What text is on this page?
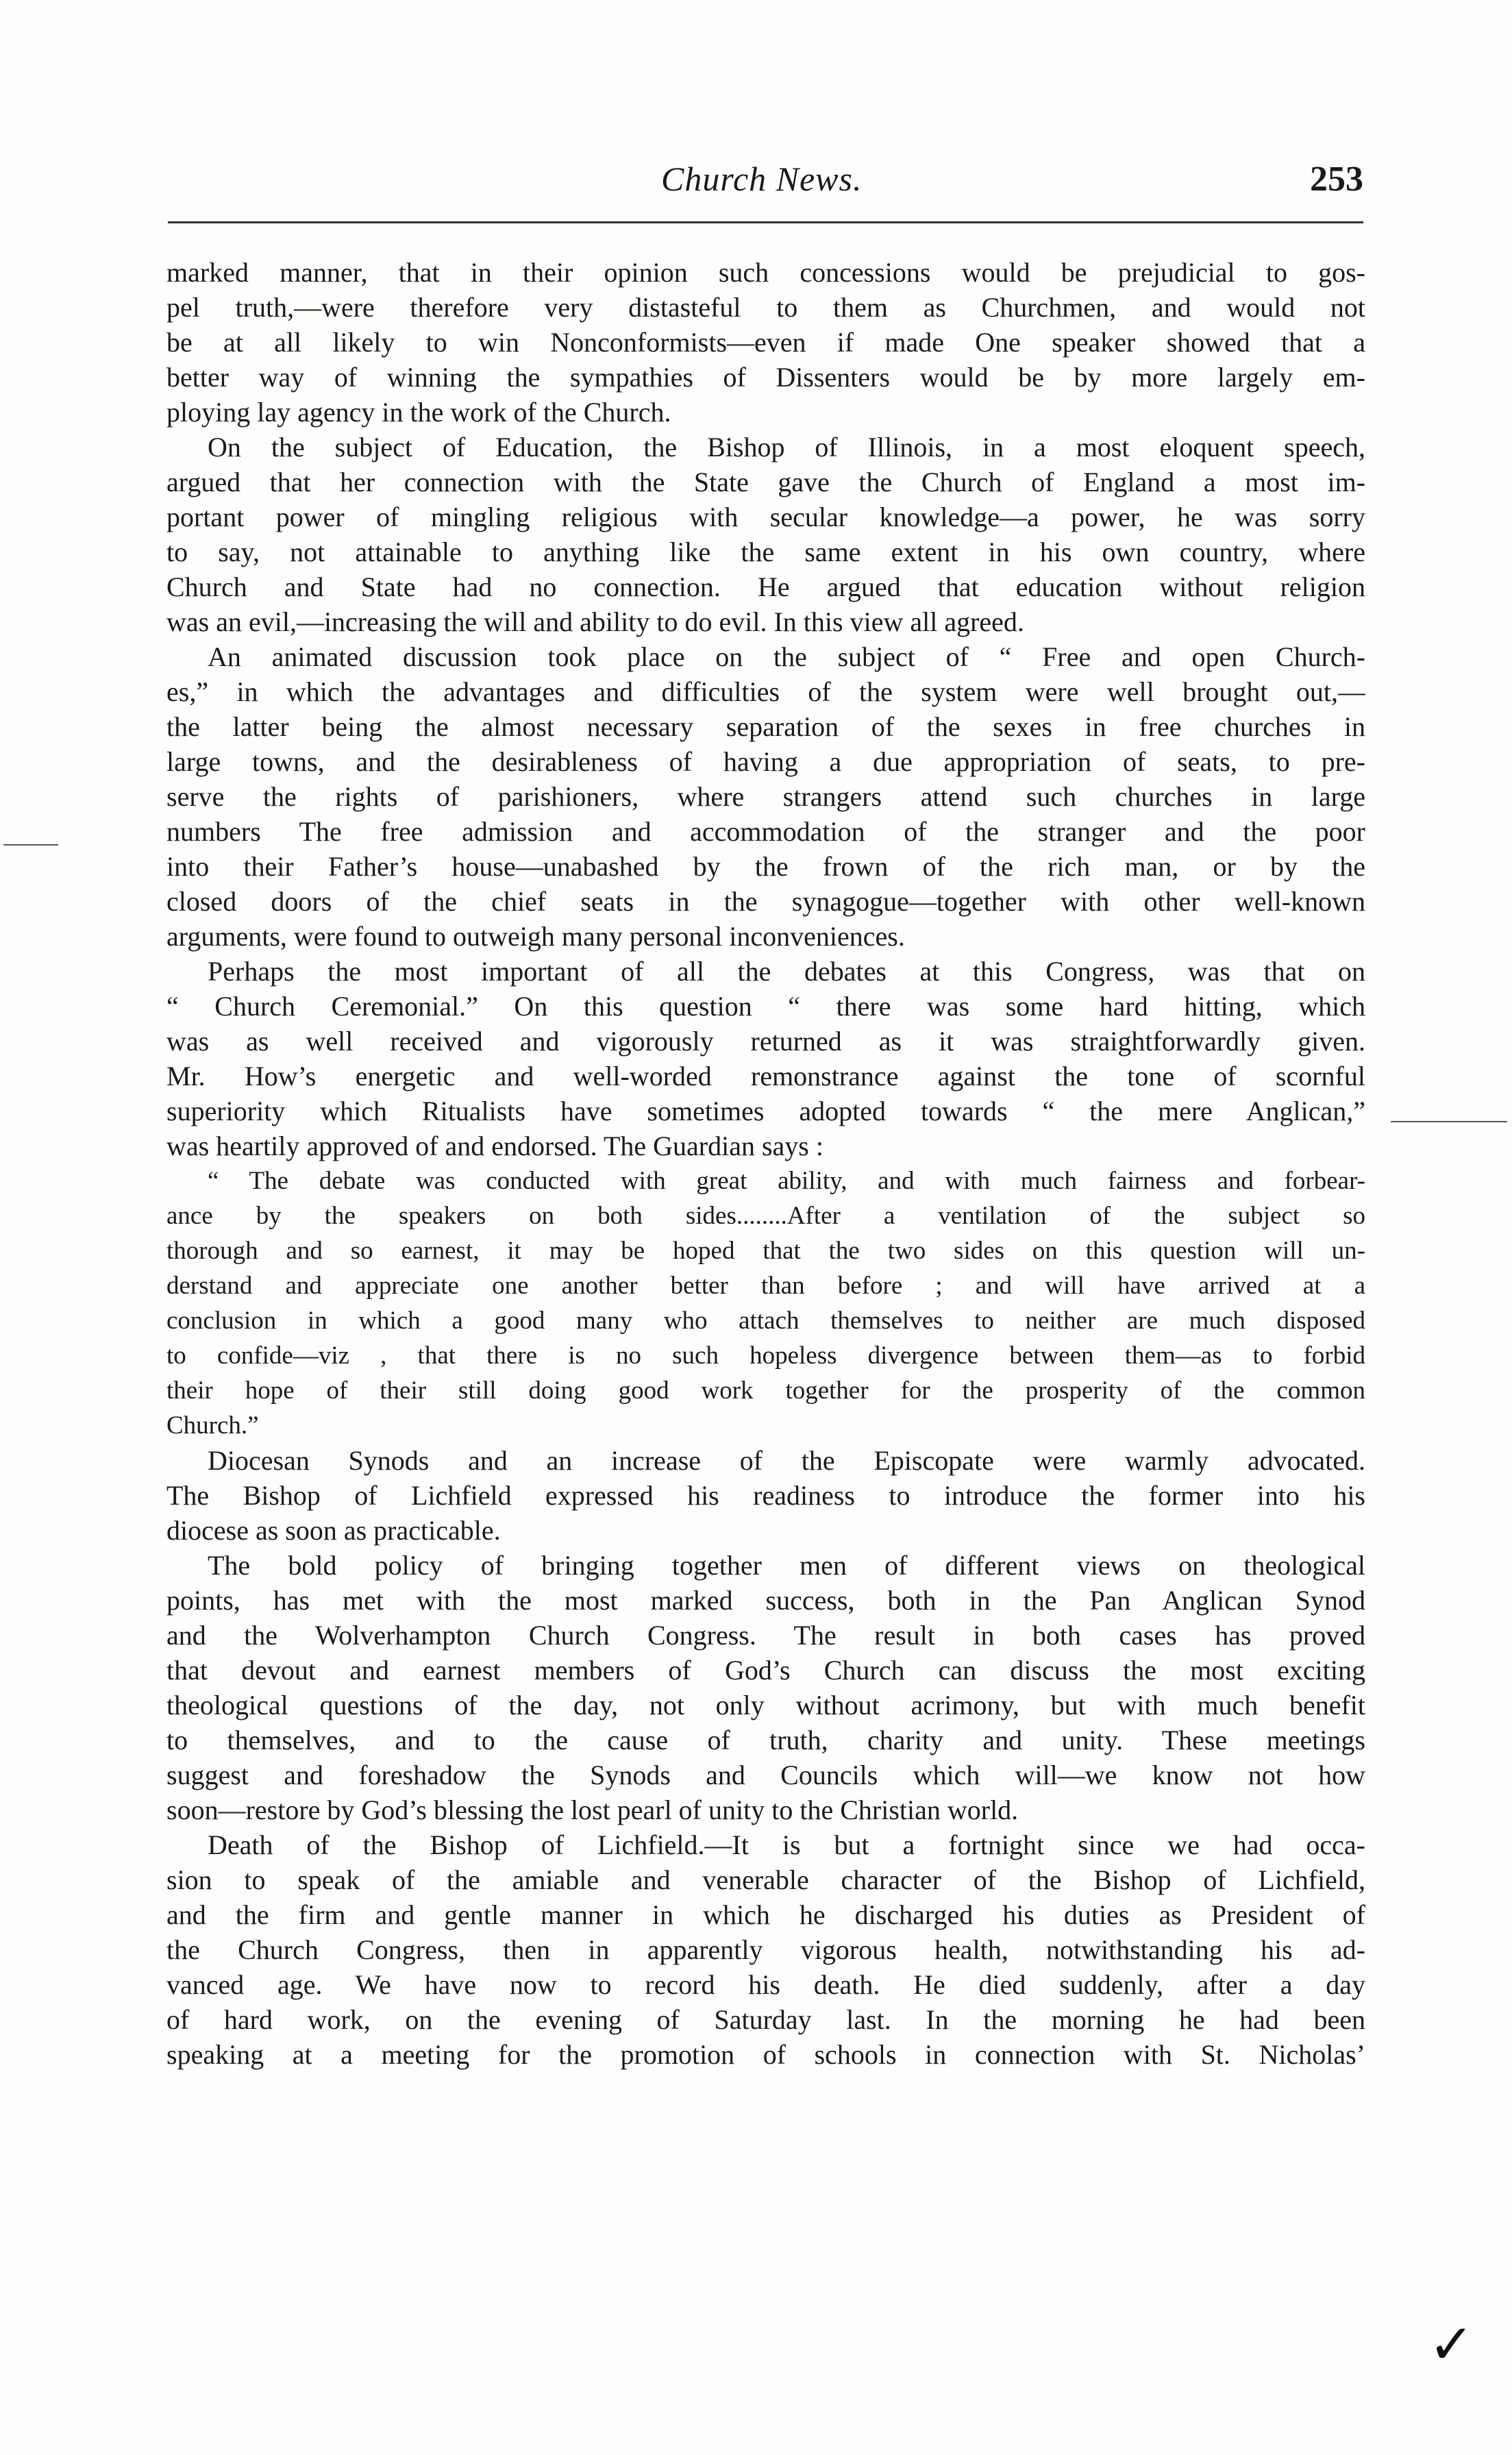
Church News.	253
marked manner, that in their opinion such concessions would be prejudicial to gos-
pel truth,—were therefore very distasteful to them as Churchmen, and would not
be at all likely to win Nonconformists—even if made One speaker showed that a
better way of winning the sympathies of Dissenters would be by more largely em-
ploying lay agency in the work of the Church.
On the subject of Education, the Bishop of Illinois, in a most eloquent speech,
argued that her connection with the State gave the Church of England a most im-
portant power of mingling religious with secular knowledge—a power, he was sorry
to say, not attainable to anything like the same extent in his own country, where
Church and State had no connection. He argued that education without religion
was an evil,—increasing the will and ability to do evil. In this view all agreed.
An animated discussion took place on the subject of “ Free and open Church-
es,” in which the advantages and difficulties of the system were well brought out,—
the latter being the almost necessary separation of the sexes in free churches in
large towns, and the desirableness of having a due appropriation of seats, to pre-
serve the rights of parishioners, where strangers attend such churches in large
numbers The free admission and accommodation of the stranger and the poor
into their Father’s house—unabashed by the frown of the rich man, or by the
closed doors of the chief seats in the synagogue—together with other well-known
arguments, were found to outweigh many personal inconveniences.
Perhaps the most important of all the debates at this Congress, was that on
“ Church Ceremonial.” On this question “ there was some hard hitting, which
was as well received and vigorously returned as it was straightforwardly given.
Mr. How’s energetic and well-worded remonstrance against the tone of scornful
superiority which Ritualists have sometimes adopted towards “ the mere Anglican,”
was heartily approved of and endorsed. The Guardian says :
“ The debate was conducted with great ability, and with much fairness and forbear-
ance by the speakers on both sides........After a ventilation of the subject so
thorough and so earnest, it may be hoped that the two sides on this question will un-
derstand and appreciate one another better than before ; and will have arrived at a
conclusion in which a good many who attach themselves to neither are much disposed
to confide—viz , that there is no such hopeless divergence between them—as to forbid
their hope of their still doing good work together for the prosperity of the common
Church.”
Diocesan Synods and an increase of the Episcopate were warmly advocated.
The Bishop of Lichfield expressed his readiness to introduce the former into his
diocese as soon as practicable.
The bold policy of bringing together men of different views on theological
points, has met with the most marked success, both in the Pan Anglican Synod
and the Wolverhampton Church Congress. The result in both cases has proved
that devout and earnest members of God’s Church can discuss the most exciting
theological questions of the day, not only without acrimony, but with much benefit
to themselves, and to the cause of truth, charity and unity. These meetings
suggest and foreshadow the Synods and Councils which will—we know not how
soon—restore by God’s blessing the lost pearl of unity to the Christian world.
Death of the Bishop of Lichfield.—It is but a fortnight since we had occa-
sion to speak of the amiable and venerable character of the Bishop of Lichfield,
and the firm and gentle manner in which he discharged his duties as President of
the Church Congress, then in apparently vigorous health, notwithstanding his ad-
vanced age. We have now to record his death. He died suddenly, after a day
of hard work, on the evening of Saturday last. In the morning he had been
speaking at a meeting for the promotion of schools in connection with St. Nicholas’
✓
